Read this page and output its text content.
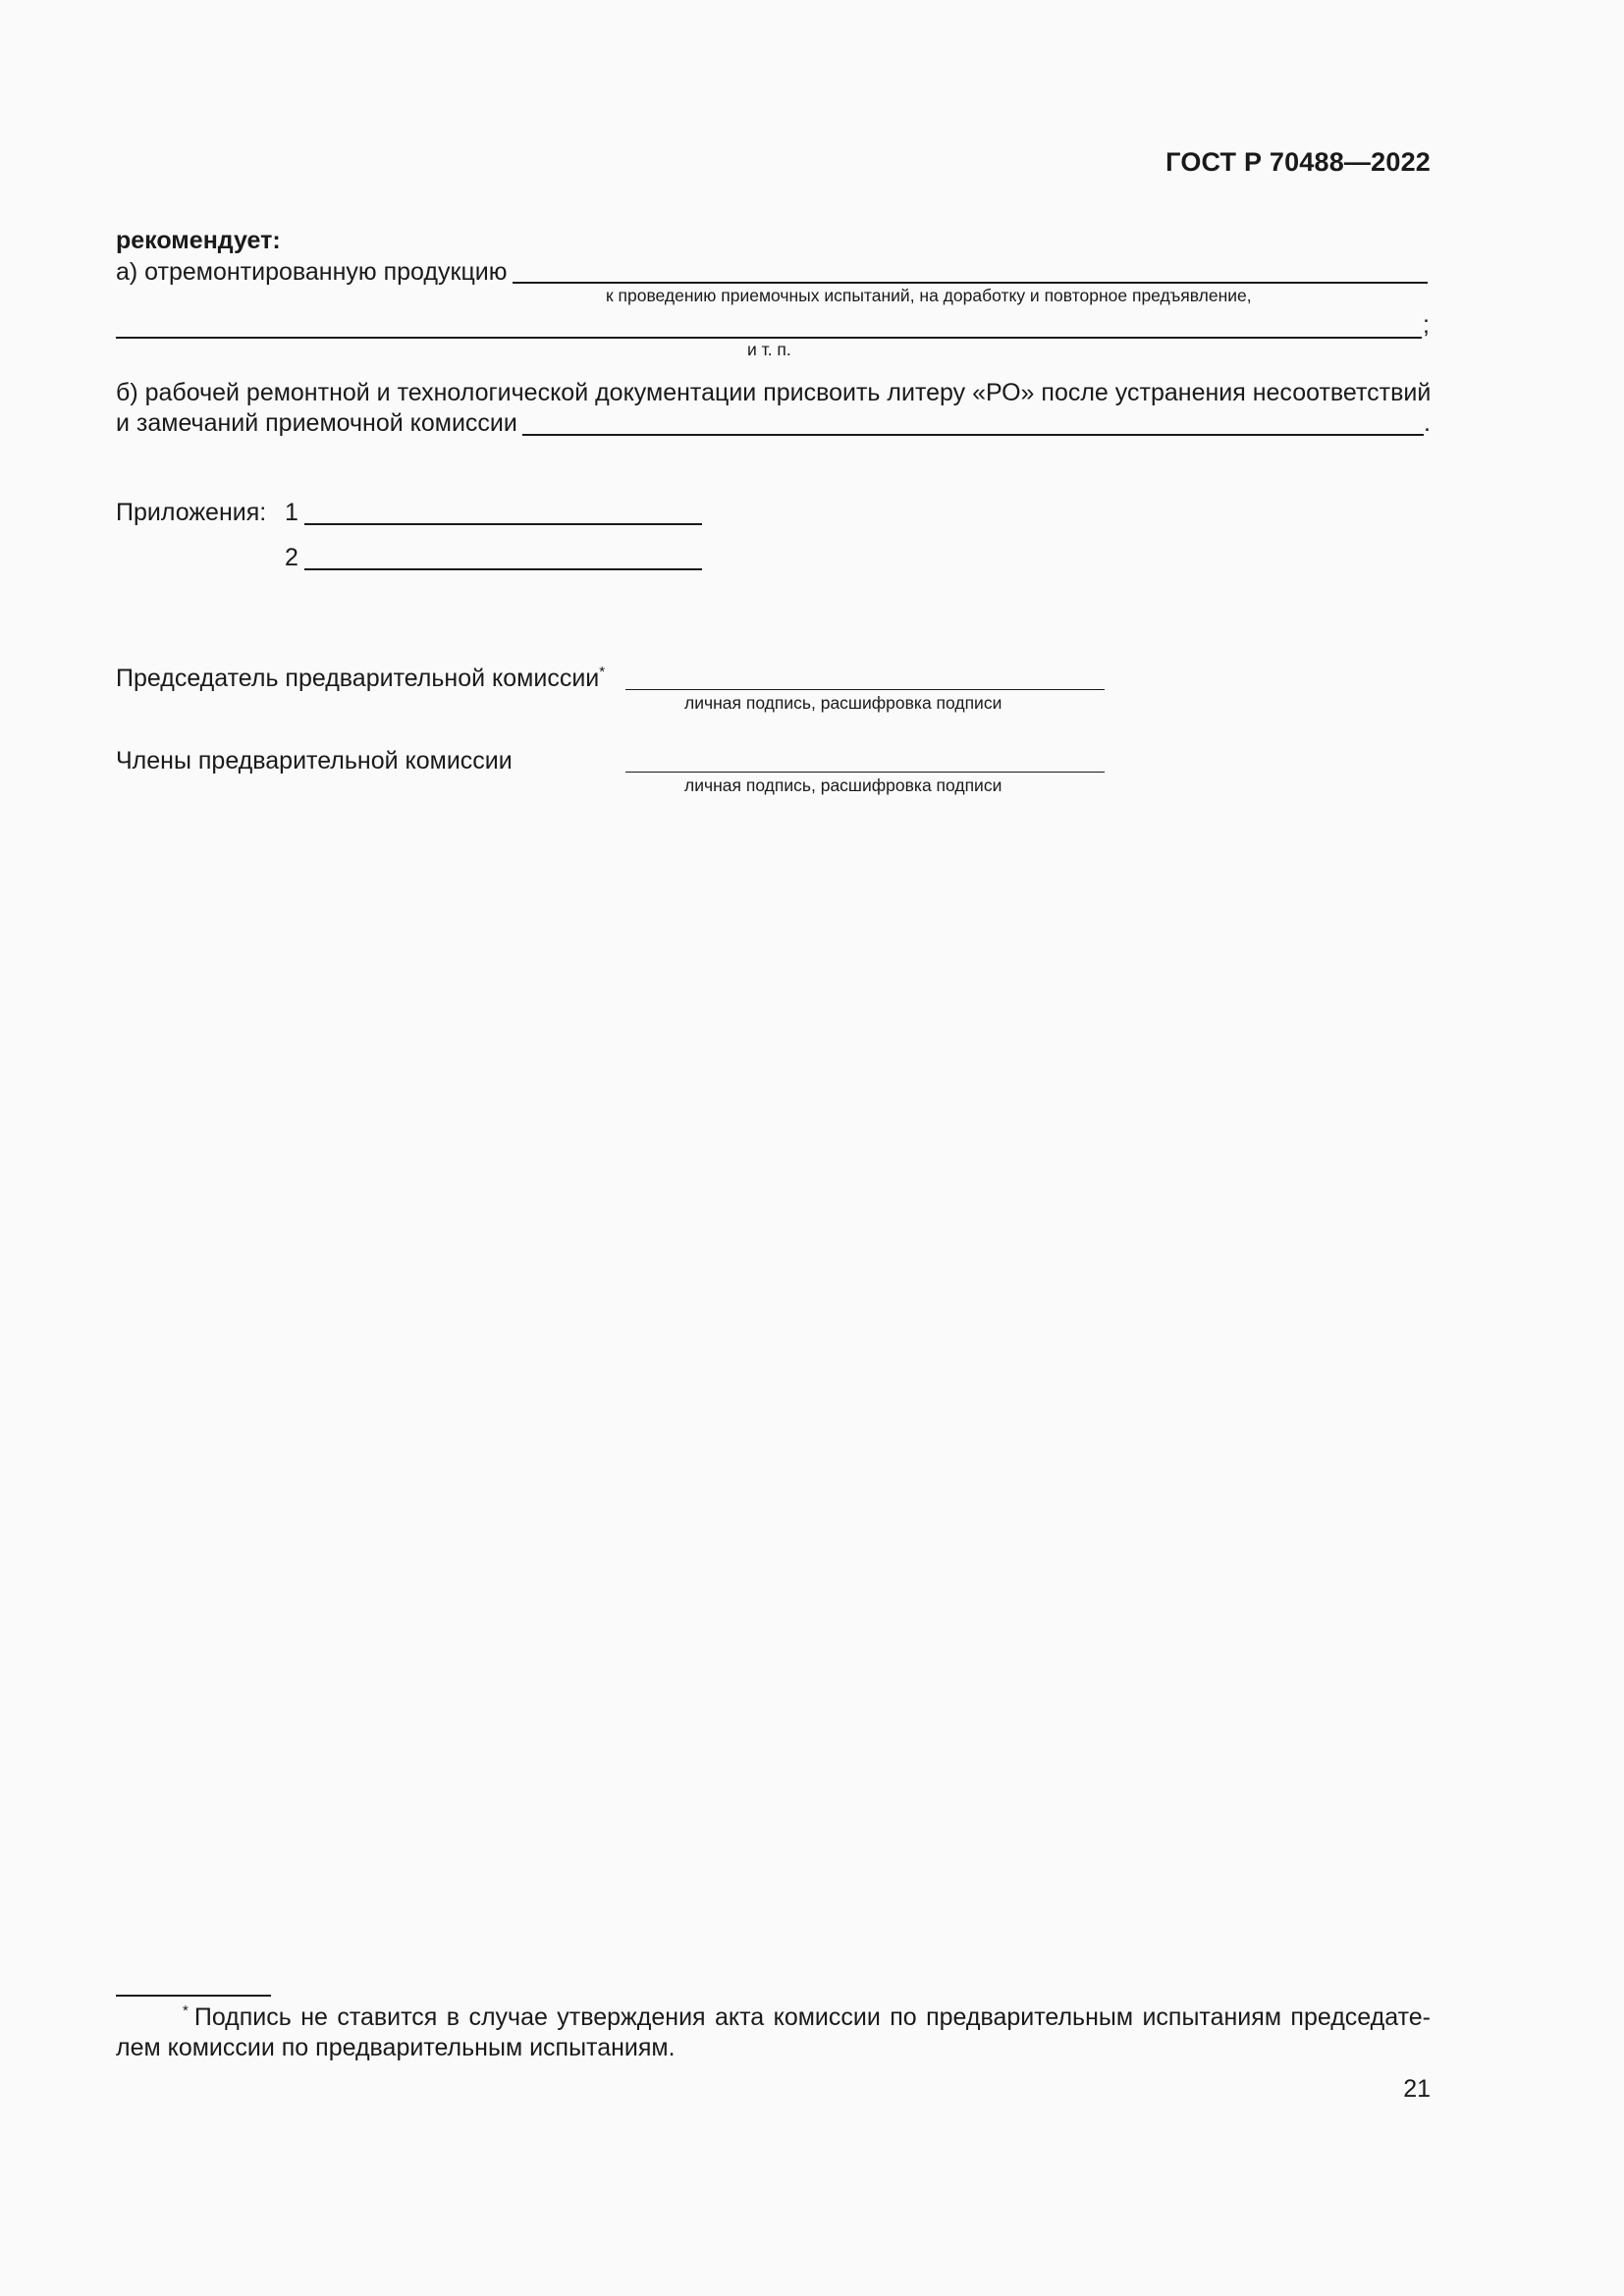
ГОСТ Р 70488—2022
рекомендует:
а) отремонтированную продукцию
к проведению приемочных испытаний, на доработку и повторное предъявление,
;
и т. п.
б) рабочей ремонтной и технологической документации присвоить литеру «РО» после устранения несоответствий
и замечаний приемочной комиссии	.
Приложения: 1
2
Председатель предварительной комиссии*
личная подпись, расшифровка подписи
Члены предварительной комиссии
личная подпись, расшифровка подписи
* Подпись не ставится в случае утверждения акта комиссии по предварительным испытаниям председате-
лем комиссии по предварительным испытаниям.
21
